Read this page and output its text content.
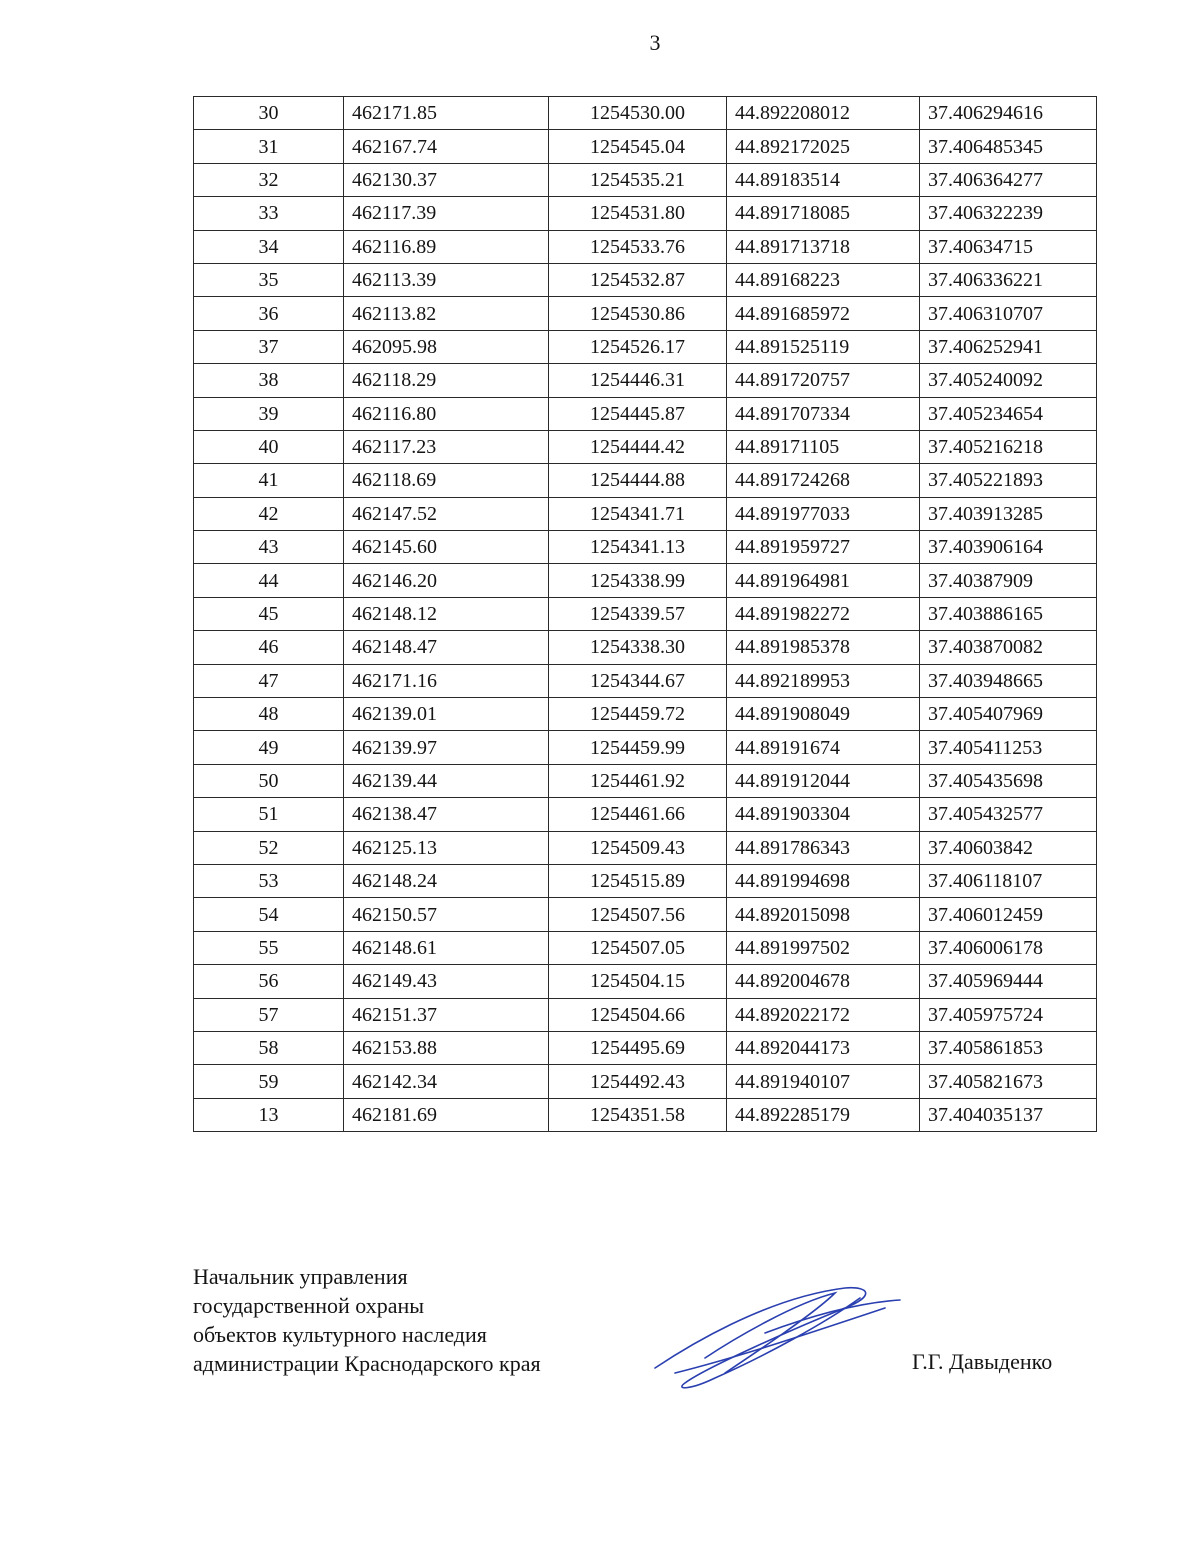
3
30	462171.85	1254530.00	44.892208012	37.406294616
31	462167.74	1254545.04	44.892172025	37.406485345
32	462130.37	1254535.21	44.89183514	37.406364277
33	462117.39	1254531.80	44.891718085	37.406322239
34	462116.89	1254533.76	44.891713718	37.40634715
35	462113.39	1254532.87	44.89168223	37.406336221
36	462113.82	1254530.86	44.891685972	37.406310707
37	462095.98	1254526.17	44.891525119	37.406252941
38	462118.29	1254446.31	44.891720757	37.405240092
39	462116.80	1254445.87	44.891707334	37.405234654
40	462117.23	1254444.42	44.89171105	37.405216218
41	462118.69	1254444.88	44.891724268	37.405221893
42	462147.52	1254341.71	44.891977033	37.403913285
43	462145.60	1254341.13	44.891959727	37.403906164
44	462146.20	1254338.99	44.891964981	37.40387909
45	462148.12	1254339.57	44.891982272	37.403886165
46	462148.47	1254338.30	44.891985378	37.403870082
47	462171.16	1254344.67	44.892189953	37.403948665
48	462139.01	1254459.72	44.891908049	37.405407969
49	462139.97	1254459.99	44.89191674	37.405411253
50	462139.44	1254461.92	44.891912044	37.405435698
51	462138.47	1254461.66	44.891903304	37.405432577
52	462125.13	1254509.43	44.891786343	37.40603842
53	462148.24	1254515.89	44.891994698	37.406118107
54	462150.57	1254507.56	44.892015098	37.406012459
55	462148.61	1254507.05	44.891997502	37.406006178
56	462149.43	1254504.15	44.892004678	37.405969444
57	462151.37	1254504.66	44.892022172	37.405975724
58	462153.88	1254495.69	44.892044173	37.405861853
59	462142.34	1254492.43	44.891940107	37.405821673
13	462181.69	1254351.58	44.892285179	37.404035137
Начальник управления
государственной охраны
объектов культурного наследия
администрации Краснодарского края	Г.Г. Давыденко
